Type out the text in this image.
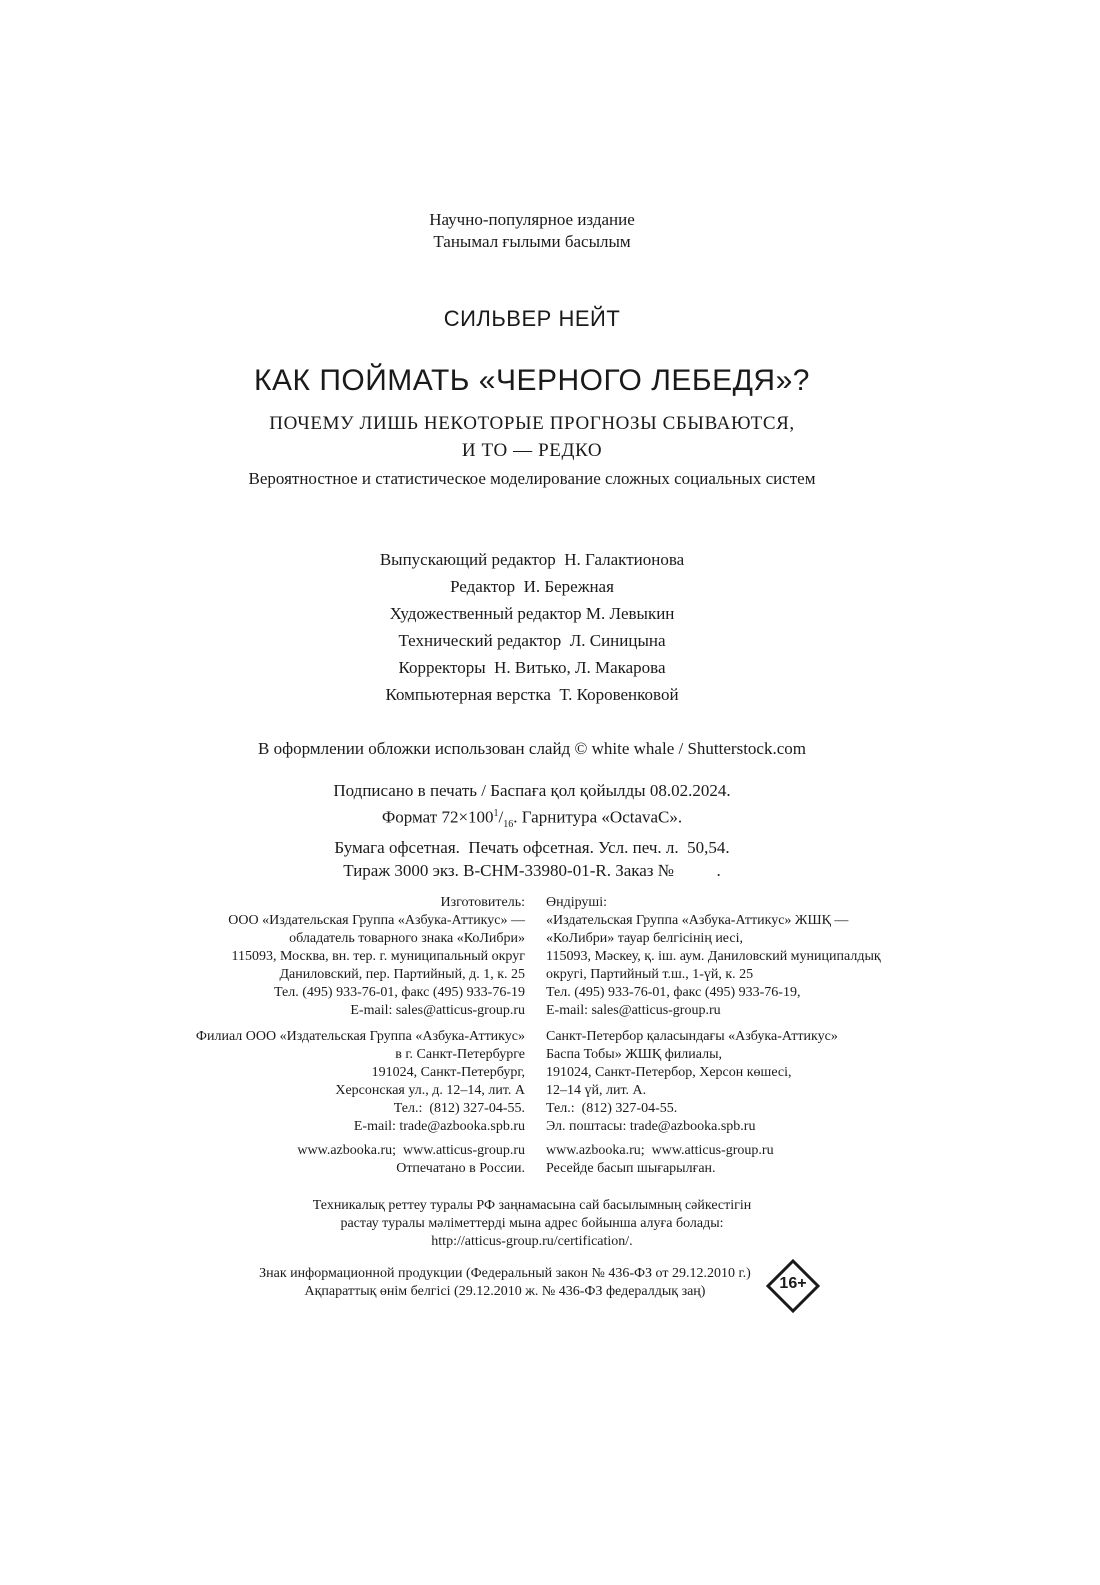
Научно-популярное издание
Танымал ғылыми басылым
СИЛЬВЕР НЕЙТ
КАК ПОЙМАТЬ «ЧЕРНОГО ЛЕБЕДЯ»?
ПОЧЕМУ ЛИШЬ НЕКОТОРЫЕ ПРОГНОЗЫ СБЫВАЮТСЯ,
И ТО — РЕДКО
Вероятностное и статистическое моделирование сложных социальных систем
Выпускающий редактор  Н. Галактионова
Редактор  И. Бережная
Художественный редактор М. Левыкин
Технический редактор  Л. Синицына
Корректоры  Н. Витько, Л. Макарова
Компьютерная верстка  Т. Коровенковой
В оформлении обложки использован слайд © white whale / Shutterstock.com
Подписано в печать / Баспаға қол қойылды 08.02.2024.
Формат $72\times 100^1/_{16}$. Гарнитура «OctavaC».
Бумага офсетная.  Печать офсетная. Усл. печ. л.  50,54.
Тираж 3000 экз. В-СНМ-33980-01-R. Заказ №          .
Изготовитель:
ООО «Издательская Группа «Азбука-Аттикус» —
обладатель товарного знака «КоЛибри»
115093, Москва, вн. тер. г. муниципальный округ
Даниловский, пер. Партийный, д. 1, к. 25
Тел. (495) 933-76-01, факс (495) 933-76-19
E-mail: sales@atticus-group.ru
Өндіруші:
«Издательская Группа «Азбука-Аттикус» ЖШҚ —
«КоЛибри» тауар белгісінің иесі,
115093, Мәскеу, қ. іш. аум. Даниловский муниципалдық
округі, Партийный т.ш., 1-үй, к. 25
Тел. (495) 933-76-01, факс (495) 933-76-19,
E-mail: sales@atticus-group.ru
Филиал ООО «Издательская Группа «Азбука-Аттикус»
в г. Санкт-Петербурге
191024, Санкт-Петербург,
Херсонская ул., д. 12–14, лит. А
Тел.:  (812) 327-04-55.
E-mail: trade@azbooka.spb.ru
Санкт-Петербор қаласындағы «Азбука-Аттикус»
Баспа Тобы» ЖШҚ филиалы,
191024, Санкт-Петербор, Херсон көшесі,
12–14 үй, лит. А.
Тел.:  (812) 327-04-55.
Эл. поштасы: trade@azbooka.spb.ru
www.azbooka.ru;  www.atticus-group.ru
Отпечатано в России.
www.azbooka.ru;  www.atticus-group.ru
Ресейде басып шығарылған.
Техникалық реттеу туралы РФ заңнамасына сай басылымның сәйкестігін
растау туралы мәліметтерді мына адрес бойынша алуға болады:
http://atticus-group.ru/certification/.
Знак информационной продукции (Федеральный закон № 436-ФЗ от 29.12.2010 г.)
Ақпараттық өнім белгісі (29.12.2010 ж. № 436-ФЗ федералдық заң)	16+
